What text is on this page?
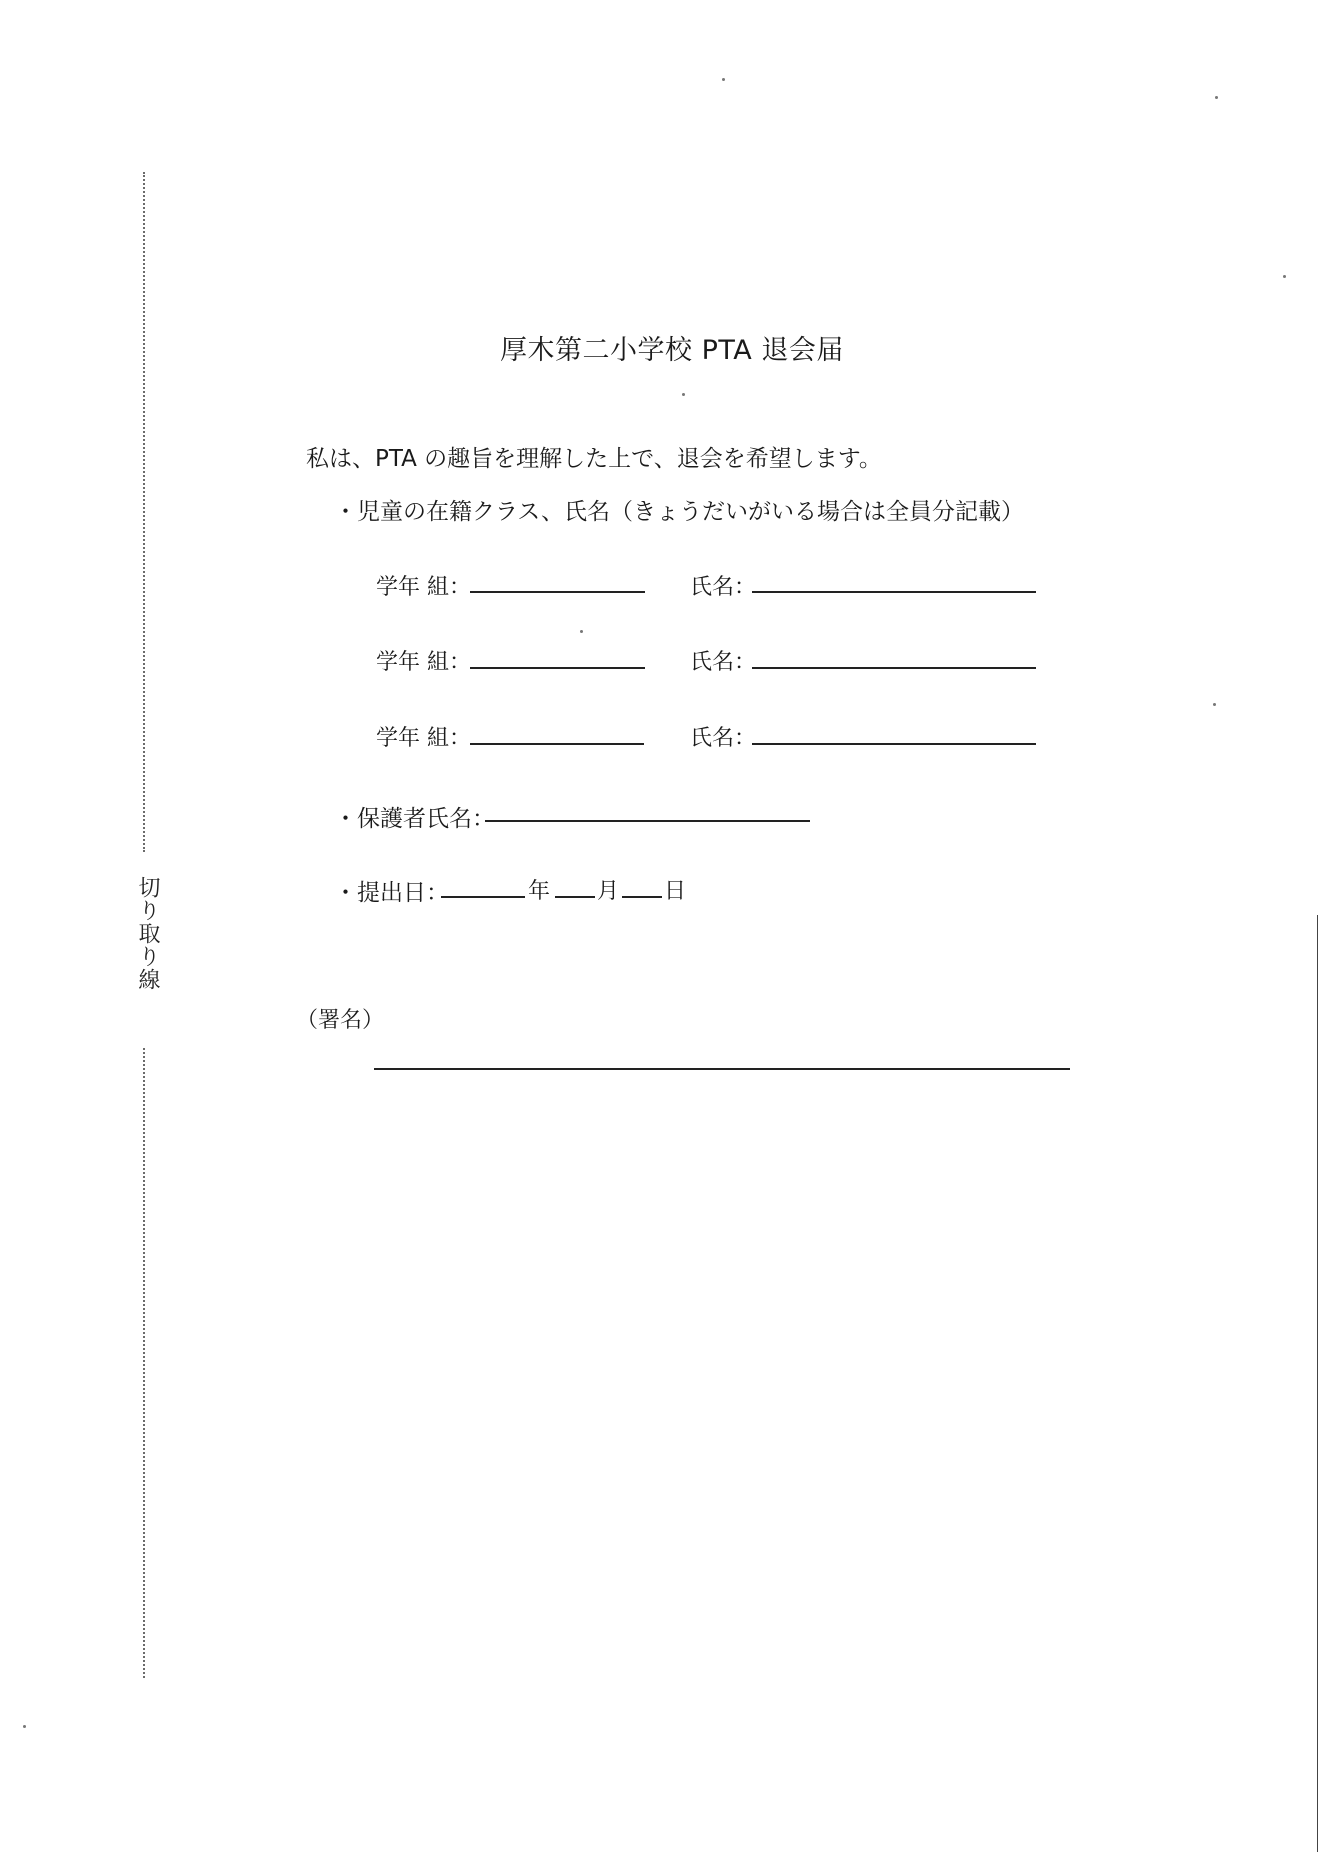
切り取り線
厚木第二小学校 PTA 退会届
私は、PTA の趣旨を理解した上で、退会を希望します。
・児童の在籍クラス、氏名（きょうだいがいる場合は全員分記載）
学年 組：	氏名：
学年 組：	氏名：
学年 組：	氏名：
・保護者氏名：
・提出日：	年 月 日
（署名）
